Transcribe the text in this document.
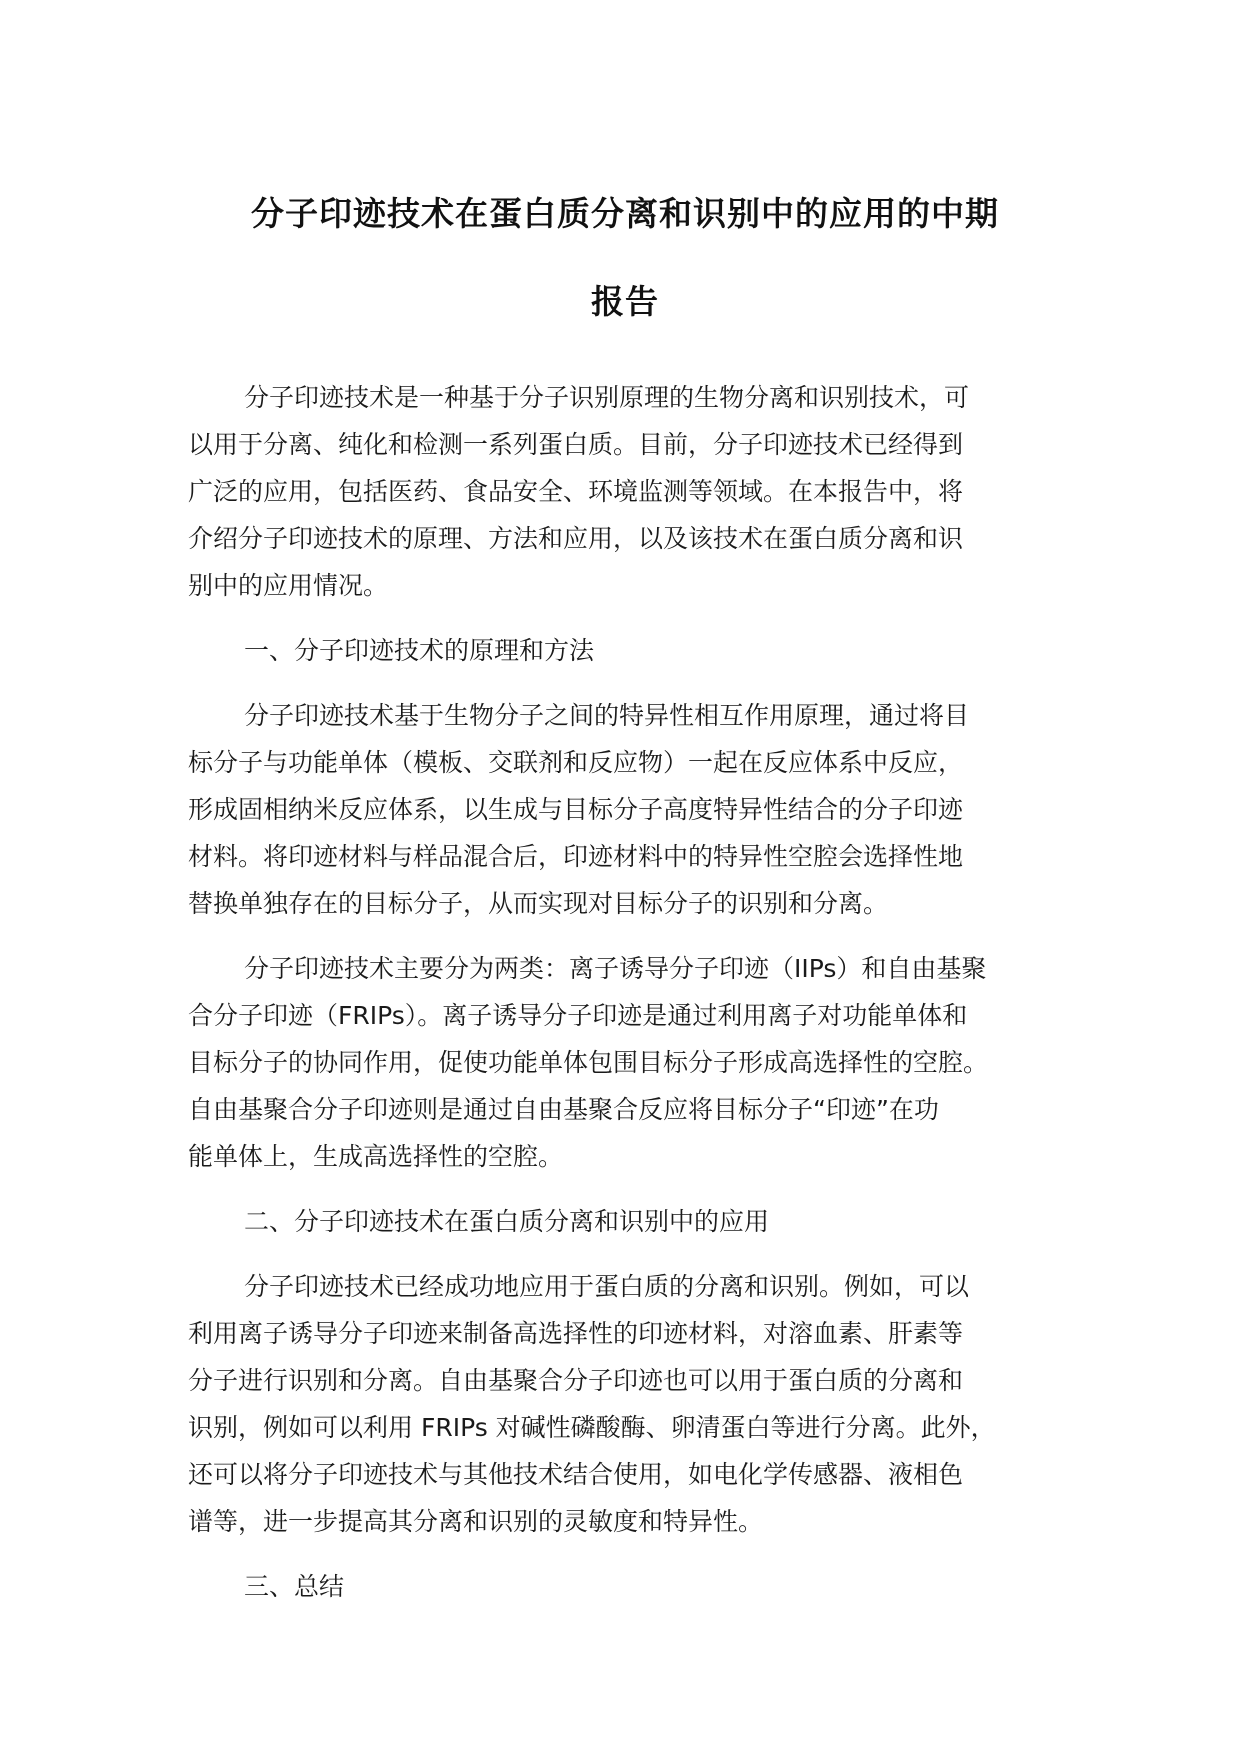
分子印迹技术在蛋白质分离和识别中的应用的中期
报告

分子印迹技术是一种基于分子识别原理的生物分离和识别技术，可
以用于分离、纯化和检测一系列蛋白质。目前，分子印迹技术已经得到
广泛的应用，包括医药、食品安全、环境监测等领域。在本报告中，将
介绍分子印迹技术的原理、方法和应用，以及该技术在蛋白质分离和识
别中的应用情况。

一、分子印迹技术的原理和方法

分子印迹技术基于生物分子之间的特异性相互作用原理，通过将目
标分子与功能单体（模板、交联剂和反应物）一起在反应体系中反应，
形成固相纳米反应体系，以生成与目标分子高度特异性结合的分子印迹
材料。将印迹材料与样品混合后，印迹材料中的特异性空腔会选择性地
替换单独存在的目标分子，从而实现对目标分子的识别和分离。

分子印迹技术主要分为两类：离子诱导分子印迹（IIPs）和自由基聚
合分子印迹（FRIPs）。离子诱导分子印迹是通过利用离子对功能单体和
目标分子的协同作用，促使功能单体包围目标分子形成高选择性的空腔。
自由基聚合分子印迹则是通过自由基聚合反应将目标分子“印迹”在功
能单体上，生成高选择性的空腔。

二、分子印迹技术在蛋白质分离和识别中的应用

分子印迹技术已经成功地应用于蛋白质的分离和识别。例如，可以
利用离子诱导分子印迹来制备高选择性的印迹材料，对溶血素、肝素等
分子进行识别和分离。自由基聚合分子印迹也可以用于蛋白质的分离和
识别，例如可以利用 FRIPs 对碱性磷酸酶、卵清蛋白等进行分离。此外，
还可以将分子印迹技术与其他技术结合使用，如电化学传感器、液相色
谱等，进一步提高其分离和识别的灵敏度和特异性。

三、总结
